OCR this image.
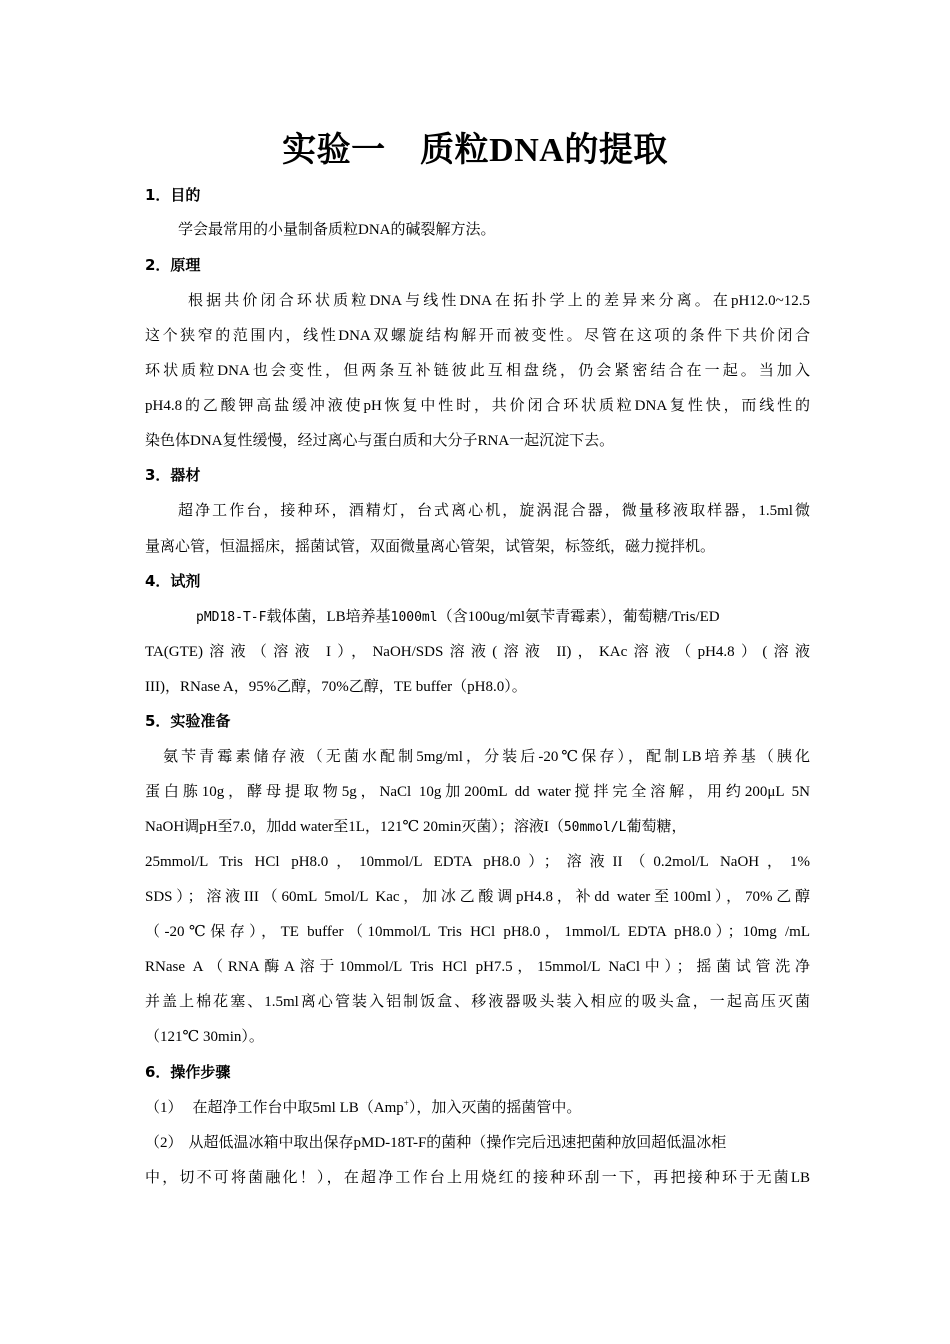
实验一　质粒DNA的提取
1．目的
学会最常用的小量制备质粒DNA的碱裂解方法。
2．原理
根据共价闭合环状质粒DNA与线性DNA在拓扑学上的差异来分离。在pH12.0~12.5
这个狭窄的范围内，线性DNA双螺旋结构解开而被变性。尽管在这项的条件下共价闭合
环状质粒DNA也会变性，但两条互补链彼此互相盘绕，仍会紧密结合在一起。当加入
pH4.8的乙酸钾高盐缓冲液使pH恢复中性时，共价闭合环状质粒DNA复性快，而线性的
染色体DNA复性缓慢，经过离心与蛋白质和大分子RNA一起沉淀下去。
3．器材
超净工作台，接种环，酒精灯，台式离心机，旋涡混合器，微量移液取样器，1.5ml微
量离心管，恒温摇床，摇菌试管，双面微量离心管架，试管架，标签纸，磁力搅拌机。
4．试剂
pMD18-T-F载体菌，LB培养基1000ml（含100ug/ml氨苄青霉素），葡萄糖/Tris/ED
TA(GTE)溶液（溶液 I），NaOH/SDS溶液(溶液 II)，KAc溶液（pH4.8）(溶液
III)，RNase A，95%乙醇，70%乙醇，TE buffer（pH8.0）。
5．实验准备
氨苄青霉素储存液（无菌水配制5mg/ml，分装后-20℃保存），配制LB培养基（胰化
蛋白胨10g，酵母提取物5g，NaCl 10g加200mL dd water搅拌完全溶解，用约200μL 5N
NaOH调pH至7.0，加dd water至1L，121℃ 20min灭菌）；溶液I（50mmol/L葡萄糖，
25mmol/L Tris HCl pH8.0，10mmol/L EDTA pH8.0）；溶液II（0.2mol/L NaOH，1%
SDS）；溶液III（60mL 5mol/L Kac，加冰乙酸调pH4.8，补dd water至100ml），70%乙醇
（-20℃保存），TE buffer（10mmol/L Tris HCl pH8.0，1mmol/L EDTA pH8.0）；10mg /mL
RNase A（RNA酶A溶于10mmol/L Tris HCl pH7.5，15mmol/L NaCl中）；摇菌试管洗净
并盖上棉花塞、1.5ml离心管装入铝制饭盒、移液器吸头装入相应的吸头盒，一起高压灭菌
（121℃ 30min）。
6．操作步骤
（1） 在超净工作台中取5ml LB（Amp+），加入灭菌的摇菌管中。
（2） 从超低温冰箱中取出保存pMD-18T-F的菌种（操作完后迅速把菌种放回超低温冰柜
中，切不可将菌融化！），在超净工作台上用烧红的接种环刮一下，再把接种环于无菌LB
